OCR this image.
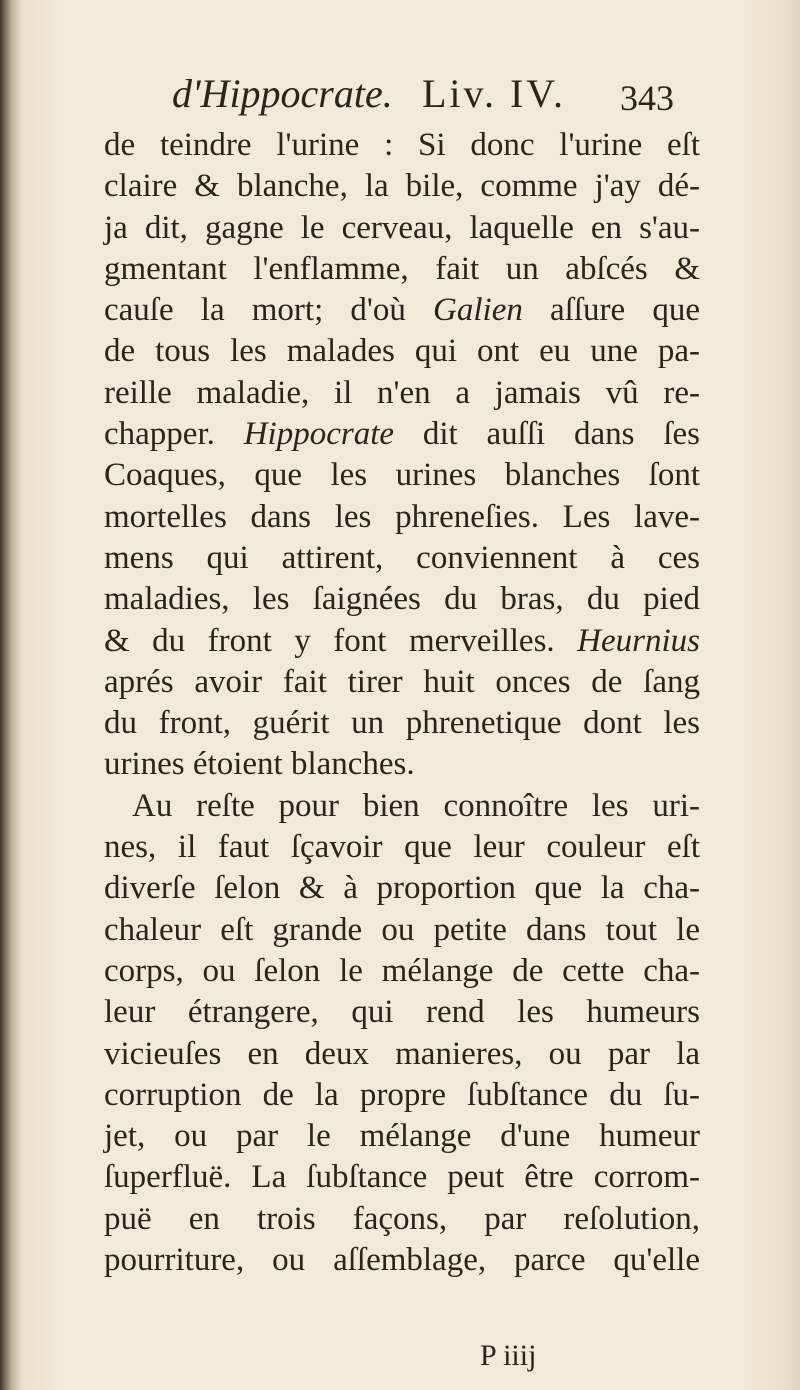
d'Hippocrate. Liv. IV. 343
de teindre l'urine : Si donc l'urine eſt
claire & blanche, la bile, comme j'ay dé-
ja dit, gagne le cerveau, laquelle en s'au-
gmentant l'enflamme, fait un abſcés &
cauſe la mort; d'où Galien aſſure que
de tous les malades qui ont eu une pa-
reille maladie, il n'en a jamais vû re-
chapper. Hippocrate dit auſſi dans ſes
Coaques, que les urines blanches ſont
mortelles dans les phreneſies. Les lave-
mens qui attirent, conviennent à ces
maladies, les ſaignées du bras, du pied
& du front y font merveilles. Heurnius
aprés avoir fait tirer huit onces de ſang
du front, guérit un phrenetique dont les
urines étoient blanches.
Au reſte pour bien connoître les uri-
nes, il faut ſçavoir que leur couleur eſt
diverſe ſelon & à proportion que la cha-
chaleur eſt grande ou petite dans tout le
corps, ou ſelon le mélange de cette cha-
leur étrangere, qui rend les humeurs
vicieuſes en deux manieres, ou par la
corruption de la propre ſubſtance du ſu-
jet, ou par le mélange d'une humeur
ſuperfluë. La ſubſtance peut être corrom-
puë en trois façons, par reſolution,
pourriture, ou aſſemblage, parce qu'elle
P iiij
